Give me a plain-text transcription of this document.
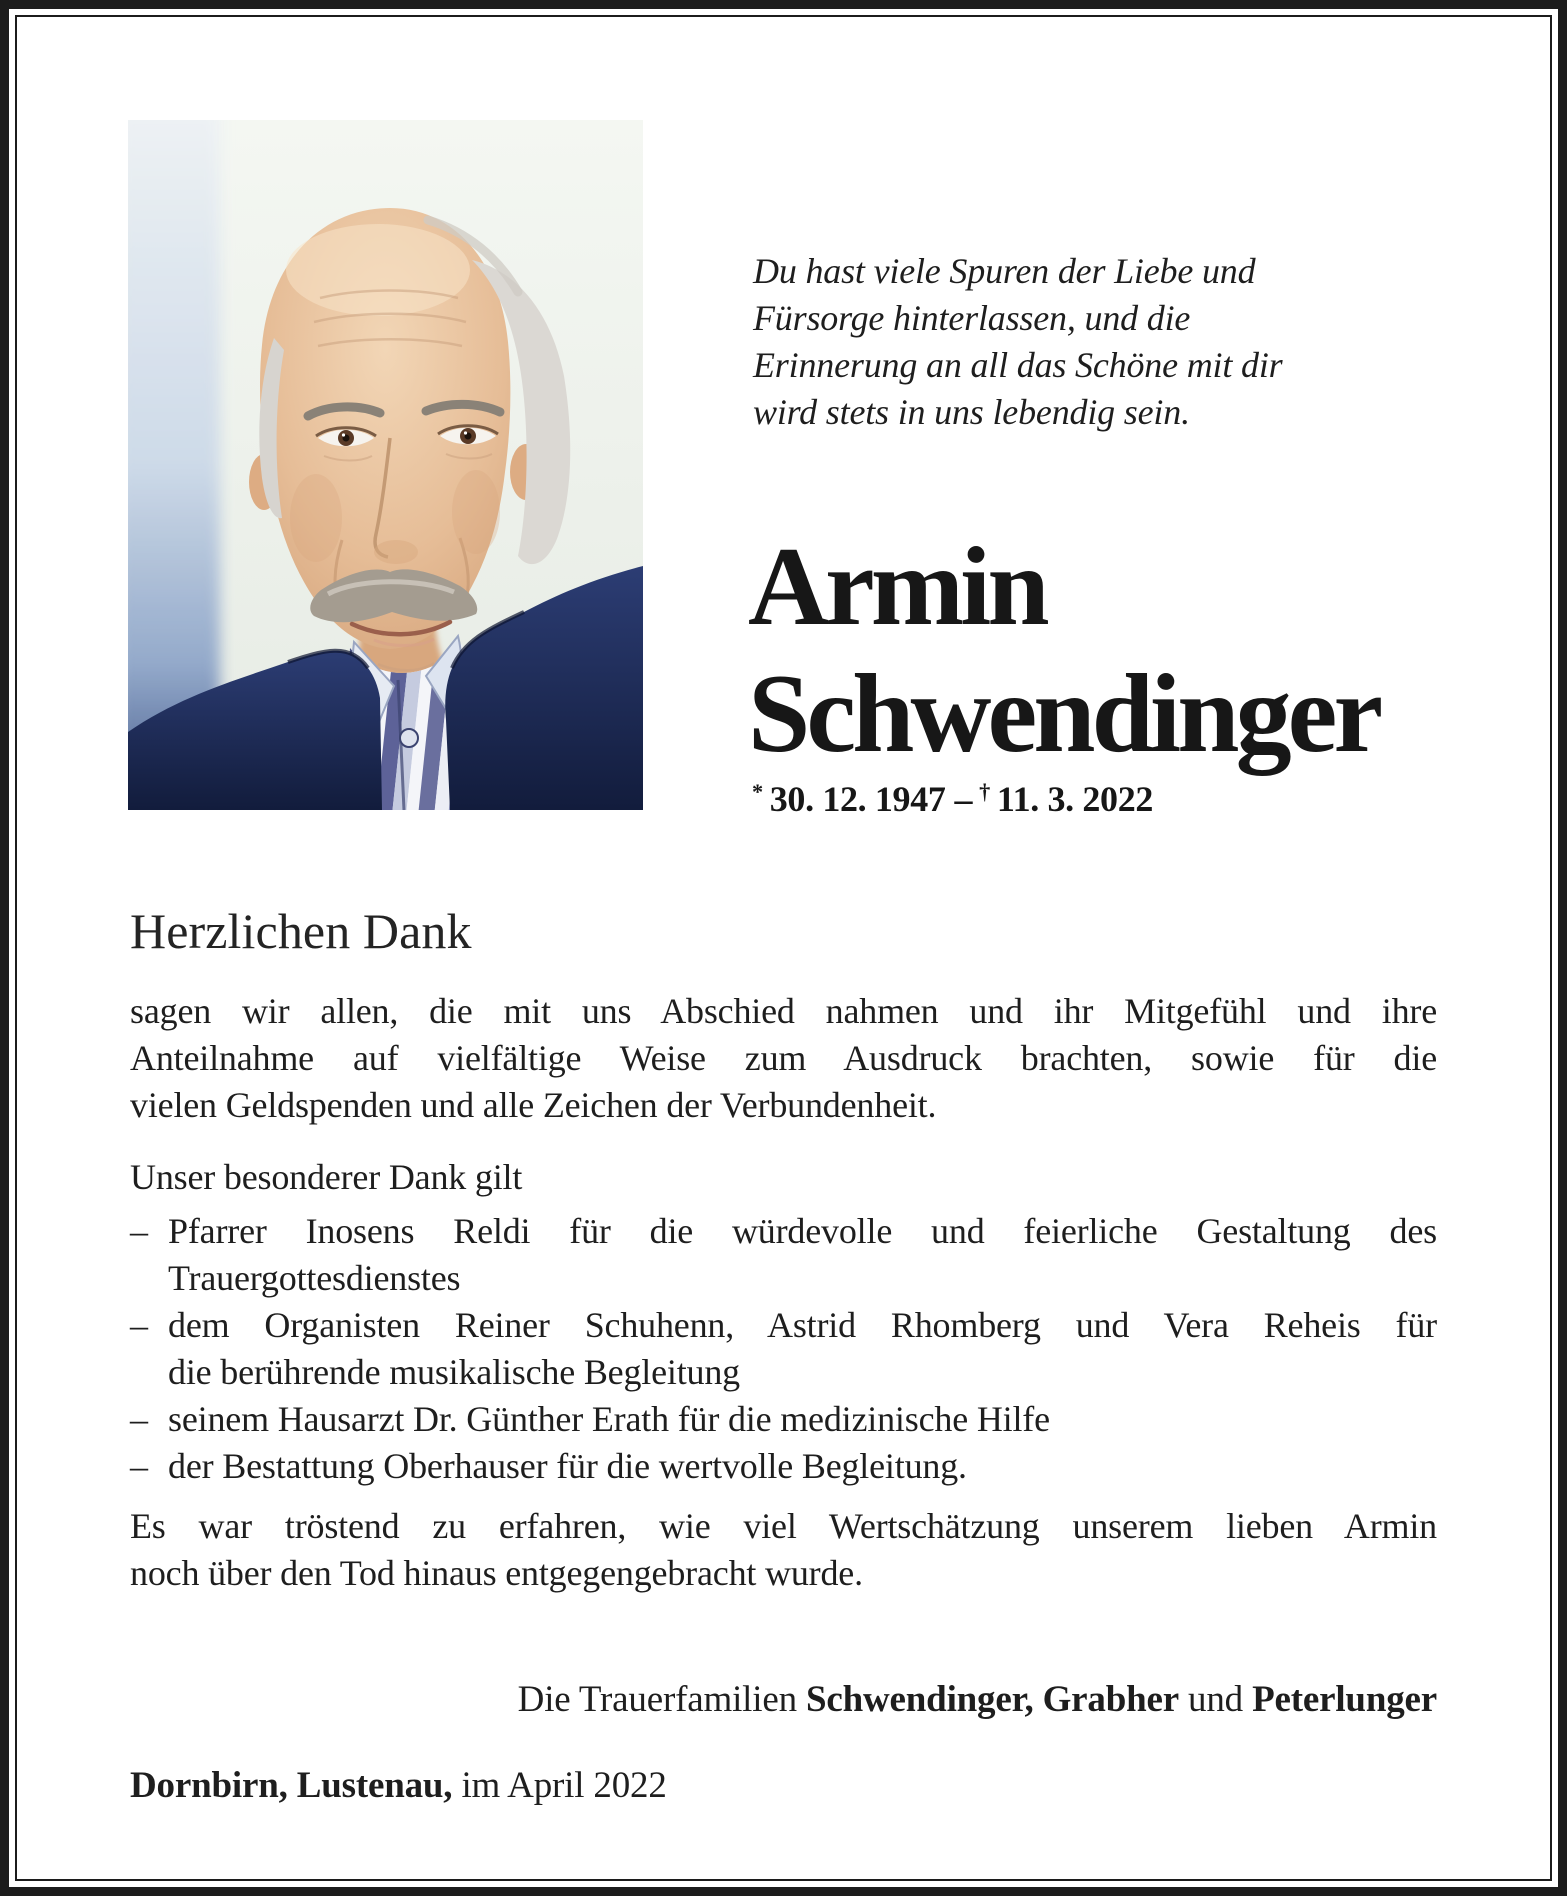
Du hast viele Spuren der Liebe und
Fürsorge hinterlassen, und die
Erinnerung an all das Schöne mit dir
wird stets in uns lebendig sein.
Armin
Schwendinger
* 30. 12. 1947 – † 11. 3. 2022
Herzlichen Dank
sagen wir allen, die mit uns Abschied nahmen und ihr Mitgefühl und ihre
Anteilnahme auf vielfältige Weise zum Ausdruck brachten, sowie für die
vielen Geldspenden und alle Zeichen der Verbundenheit.
Unser besonderer Dank gilt
– Pfarrer Inosens Reldi für die würdevolle und feierliche Gestaltung des
Trauergottesdienstes
– dem Organisten Reiner Schuhenn, Astrid Rhomberg und Vera Reheis für
die berührende musikalische Begleitung
– seinem Hausarzt Dr. Günther Erath für die medizinische Hilfe
– der Bestattung Oberhauser für die wertvolle Begleitung.
Es war tröstend zu erfahren, wie viel Wertschätzung unserem lieben Armin
noch über den Tod hinaus entgegengebracht wurde.
Die Trauerfamilien Schwendinger, Grabher und Peterlunger
Dornbirn, Lustenau, im April 2022
